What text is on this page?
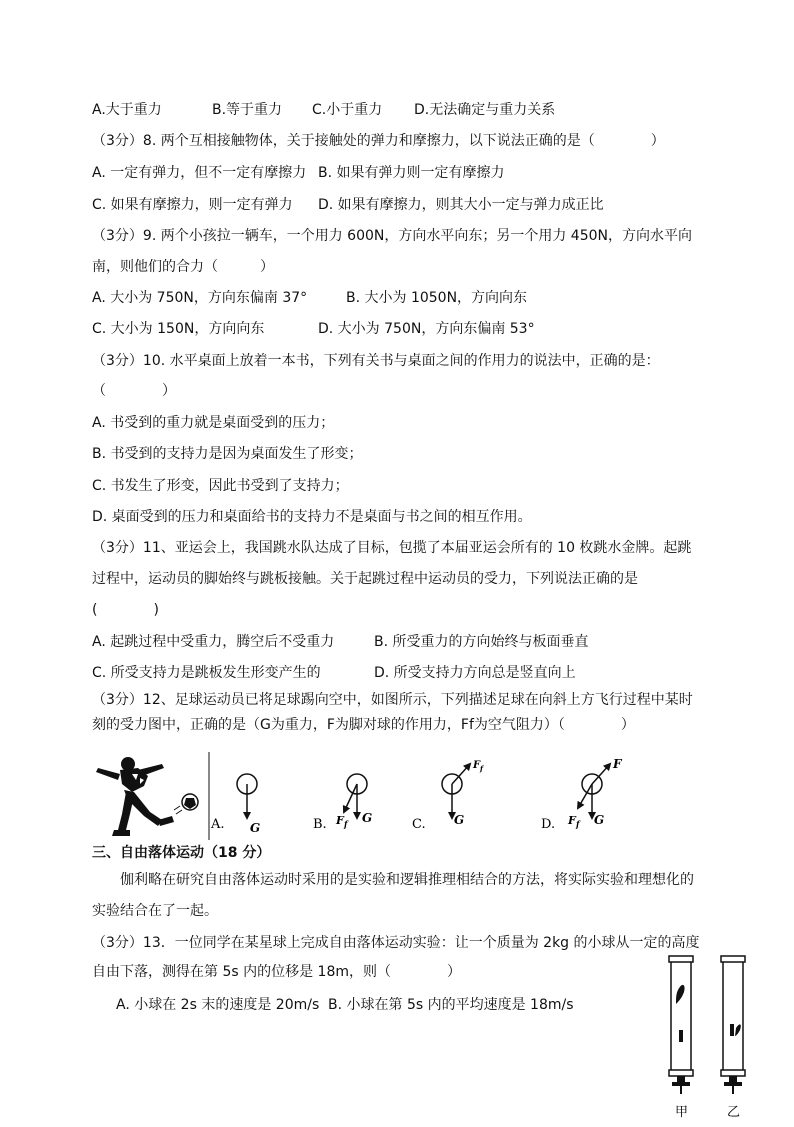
A.大于重力	B.等于重力 C.小于重力 D.无法确定与重力关系
（3分）8. 两个互相接触物体，关于接触处的弹力和摩擦力，以下说法正确的是（　　　　）
A. 一定有弹力，但不一定有摩擦力 B. 如果有弹力则一定有摩擦力
C. 如果有摩擦力，则一定有弹力 D. 如果有摩擦力，则其大小一定与弹力成正比
（3分）9. 两个小孩拉一辆车，一个用力 600N，方向水平向东；另一个用力 450N，方向水平向
南，则他们的合力（　　　）
A. 大小为 750N，方向东偏南 37°	B. 大小为 1050N，方向向东
C. 大小为 150N，方向向东	D. 大小为 750N，方向东偏南 53°
（3分）10. 水平桌面上放着一本书，下列有关书与桌面之间的作用力的说法中，正确的是：
（　　　　）
A. 书受到的重力就是桌面受到的压力；
B. 书受到的支持力是因为桌面发生了形变；
C. 书发生了形变，因此书受到了支持力；
D. 桌面受到的压力和桌面给书的支持力不是桌面与书之间的相互作用。
（3分）11、亚运会上，我国跳水队达成了目标，包揽了本届亚运会所有的 10 枚跳水金牌。起跳
过程中，运动员的脚始终与跳板接触。关于起跳过程中运动员的受力，下列说法正确的是
(　　　　)
A. 起跳过程中受重力，腾空后不受重力	B. 所受重力的方向始终与板面垂直
C. 所受支持力是跳板发生形变产生的	D. 所受支持力方向总是竖直向上
（3分）12、足球运动员已将足球踢向空中，如图所示，下列描述足球在向斜上方飞行过程中某时
刻的受力图中，正确的是（G为重力，F为脚对球的作用力，Ff为空气阻力）（　　　　）
A. G	B. F f G	C.
F f
G	D.
F
F f G
三、自由落体运动（18 分）
伽利略在研究自由落体运动时采用的是实验和逻辑推理相结合的方法，将实际实验和理想化的
实验结合在了一起。
（3分）13．一位同学在某星球上完成自由落体运动实验：让一个质量为 2kg 的小球从一定的高度
自由下落，测得在第 5s 内的位移是 18m，则（　　　　）
A. 小球在 2s 末的速度是 20m/s B. 小球在第 5s 内的平均速度是 18m/s
甲	乙
